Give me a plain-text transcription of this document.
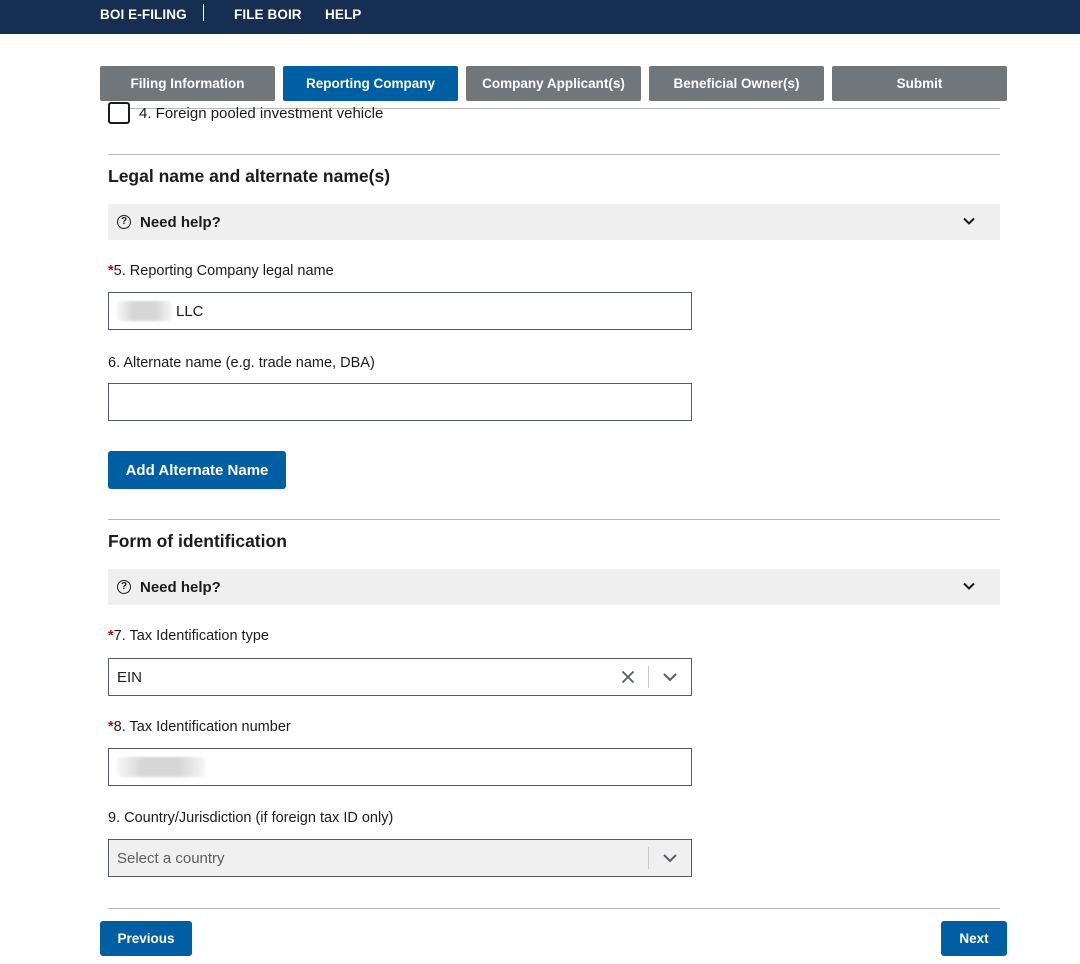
BOI E-FILING	FILE BOIR HELP
Filing Information	Reporting Company	Company Applicant(s)	Beneficial Owner(s)	Submit
4. Foreign pooled investment vehicle
Legal name and alternate name(s)
? Need help?
*5. Reporting Company legal name
LLC
6. Alternate name (e.g. trade name, DBA)
Add Alternate Name
Form of identification
? Need help?
*7. Tax Identification type
EIN
*8. Tax Identification number
9. Country/Jurisdiction (if foreign tax ID only)
Select a country
Previous	Next
